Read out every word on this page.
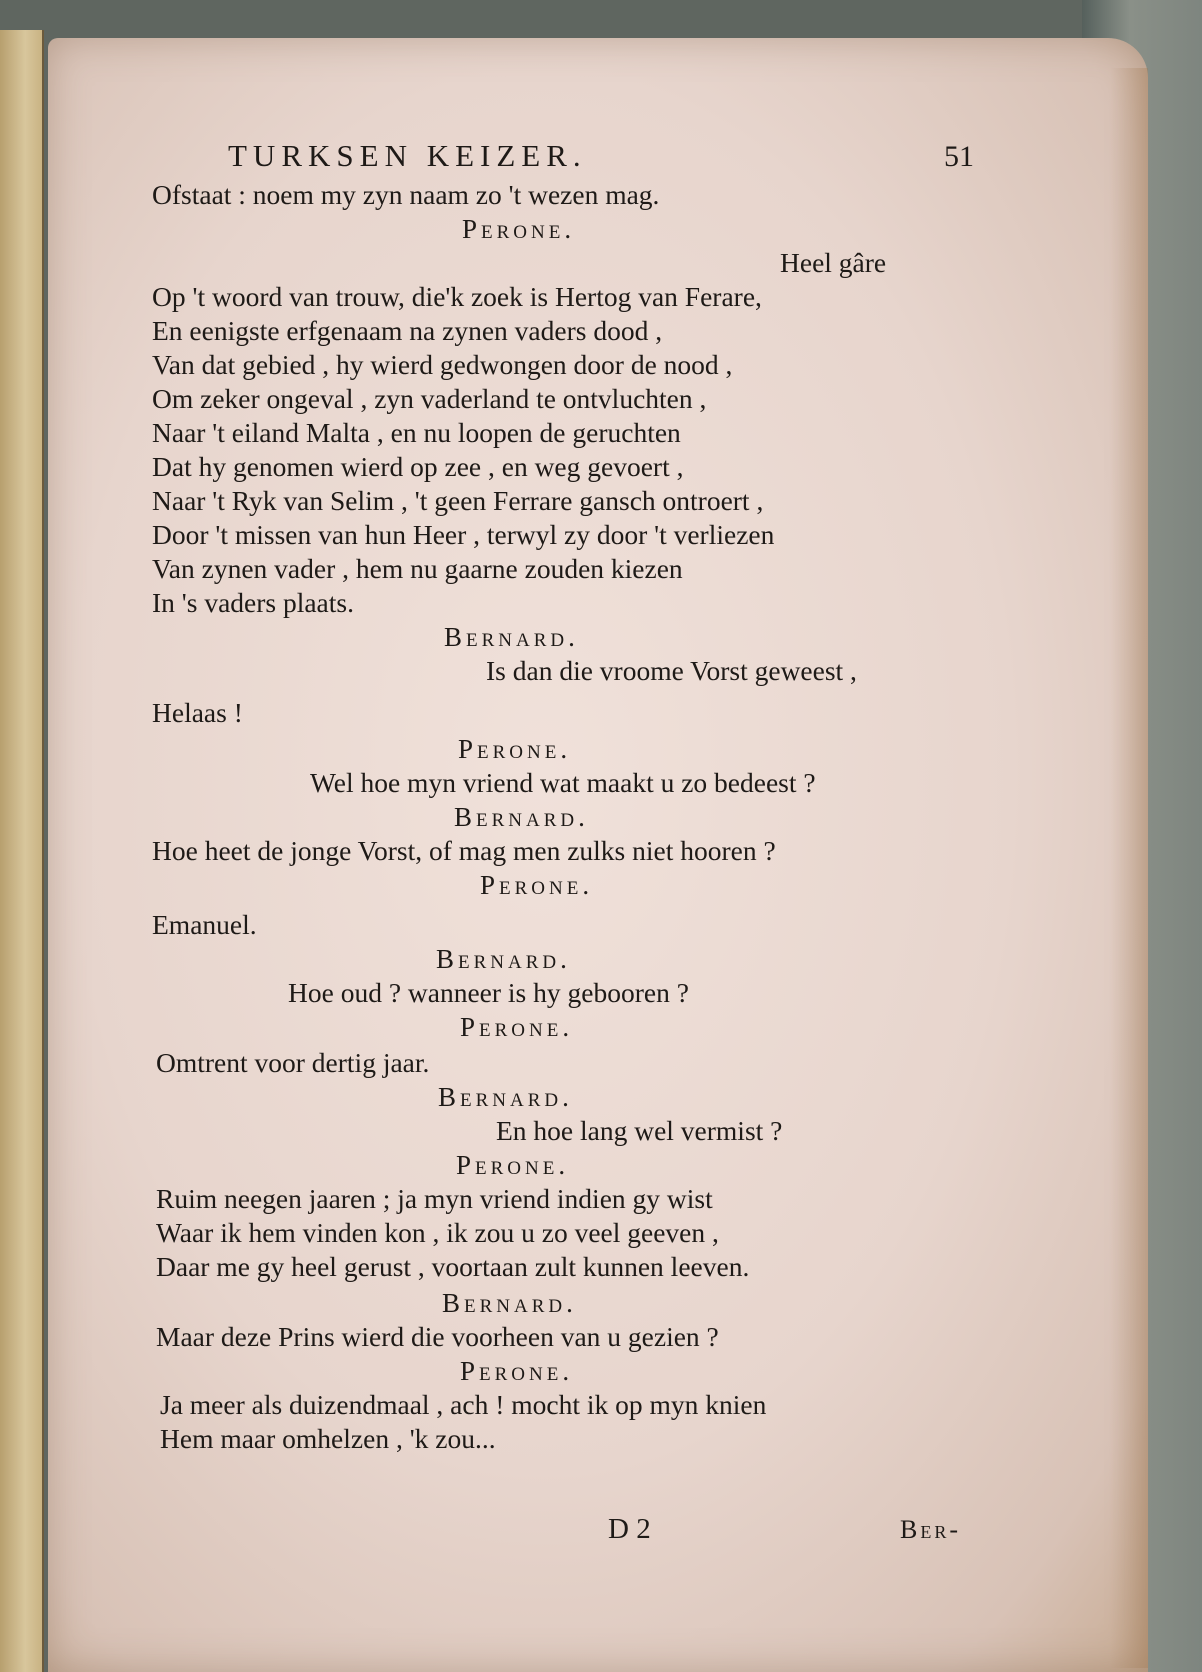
TURKSEN KEIZER.	51
Ofstaat : noem my zyn naam zo 't wezen mag.
Perone.
Heel gâre
Op 't woord van trouw, die'k zoek is Hertog van Ferare,
En eenigste erfgenaam na zynen vaders dood ,
Van dat gebied , hy wierd gedwongen door de nood ,
Om zeker ongeval , zyn vaderland te ontvluchten ,
Naar 't eiland Malta , en nu loopen de geruchten
Dat hy genomen wierd op zee , en weg gevoert ,
Naar 't Ryk van Selim , 't geen Ferrare gansch ontroert ,
Door 't missen van hun Heer , terwyl zy door 't verliezen
Van zynen vader , hem nu gaarne zouden kiezen
In 's vaders plaats.
Bernard.
Is dan die vroome Vorst geweest ,
Helaas !
Perone.
Wel hoe myn vriend wat maakt u zo bedeest ?
Bernard.
Hoe heet de jonge Vorst, of mag men zulks niet hooren ?
Perone.
Emanuel.
Bernard.
Hoe oud ? wanneer is hy gebooren ?
Perone.
Omtrent voor dertig jaar.
Bernard.
En hoe lang wel vermist ?
Perone.
Ruim neegen jaaren ; ja myn vriend indien gy wist
Waar ik hem vinden kon , ik zou u zo veel geeven ,
Daar me gy heel gerust , voortaan zult kunnen leeven.
Bernard.
Maar deze Prins wierd die voorheen van u gezien ?
Perone.
Ja meer als duizendmaal , ach ! mocht ik op myn knien
Hem maar omhelzen , 'k zou...
D 2	Ber-
